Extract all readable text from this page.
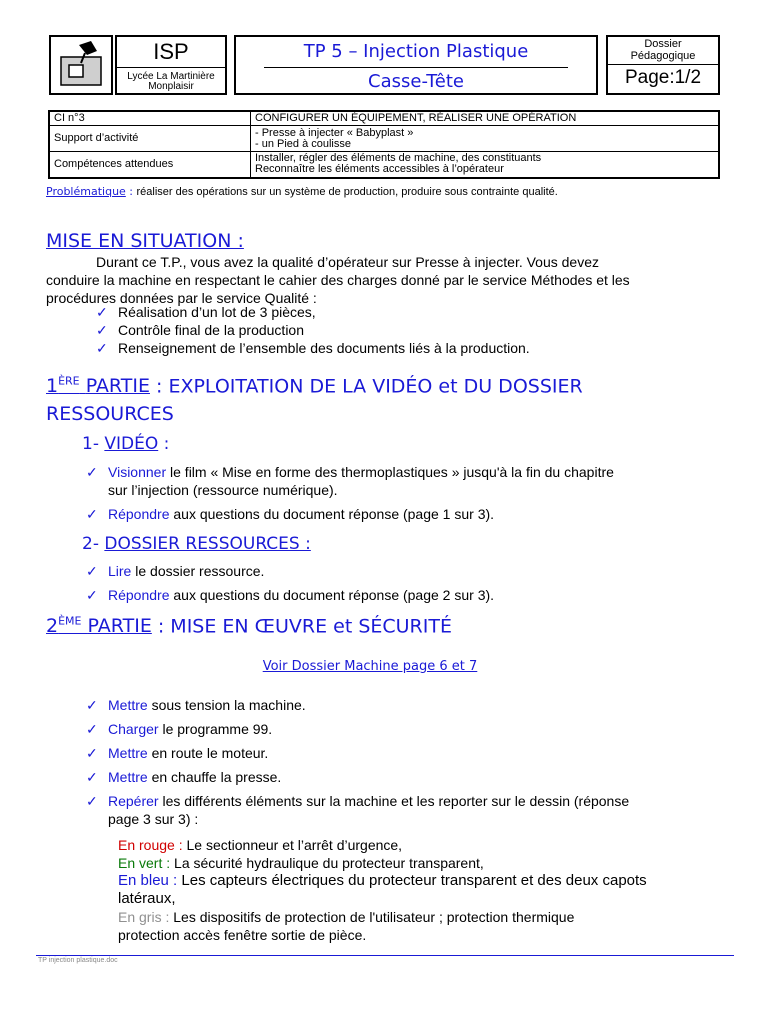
ISP
Lycée La Martinière
Monplaisir
TP 5 – Injection Plastique
Casse-Tête
Dossier
Pédagogique
Page:1/2
CI n°3	CONFIGURER UN ÉQUIPEMENT, RÉALISER UNE OPÉRATION

Support d’activité	- Presse à injecter « Babyplast »
- un Pied à coulisse

Compétences attendues	Installer, régler des éléments de machine, des constituants
Reconnaître les éléments accessibles à l’opérateur
Problématique : réaliser des opérations sur un système de production, produire sous contrainte qualité.
MISE EN SITUATION :
Durant ce T.P., vous avez la qualité d’opérateur sur Presse à injecter. Vous devez
conduire la machine en respectant le cahier des charges donné par le service Méthodes et les
procédures données par le service Qualité :
✓ Réalisation d’un lot de 3 pièces,
✓ Contrôle final de la production
✓ Renseignement de l’ensemble des documents liés à la production.
1ÈRE PARTIE : EXPLOITATION DE LA VIDÉO et DU DOSSIER
RESSOURCES
1- VIDÉO :
✓ Visionner le film « Mise en forme des thermoplastiques » jusqu'à la fin du chapitre
sur l’injection (ressource numérique).
✓ Répondre aux questions du document réponse (page 1 sur 3).
2- DOSSIER RESSOURCES :
✓ Lire le dossier ressource.
✓ Répondre aux questions du document réponse (page 2 sur 3).
2ÈME PARTIE : MISE EN ŒUVRE et SÉCURITÉ
Voir Dossier Machine page 6 et 7
✓ Mettre sous tension la machine.
✓ Charger le programme 99.
✓ Mettre en route le moteur.
✓ Mettre en chauffe la presse.
✓ Repérer les différents éléments sur la machine et les reporter sur le dessin (réponse
page 3 sur 3) :
En rouge : Le sectionneur et l’arrêt d’urgence,
En vert : La sécurité hydraulique du protecteur transparent,
En bleu : Les capteurs électriques du protecteur transparent et des deux capots
latéraux,
En gris : Les dispositifs de protection de l'utilisateur ; protection thermique
protection accès fenêtre sortie de pièce.
TP injection plastique.doc
